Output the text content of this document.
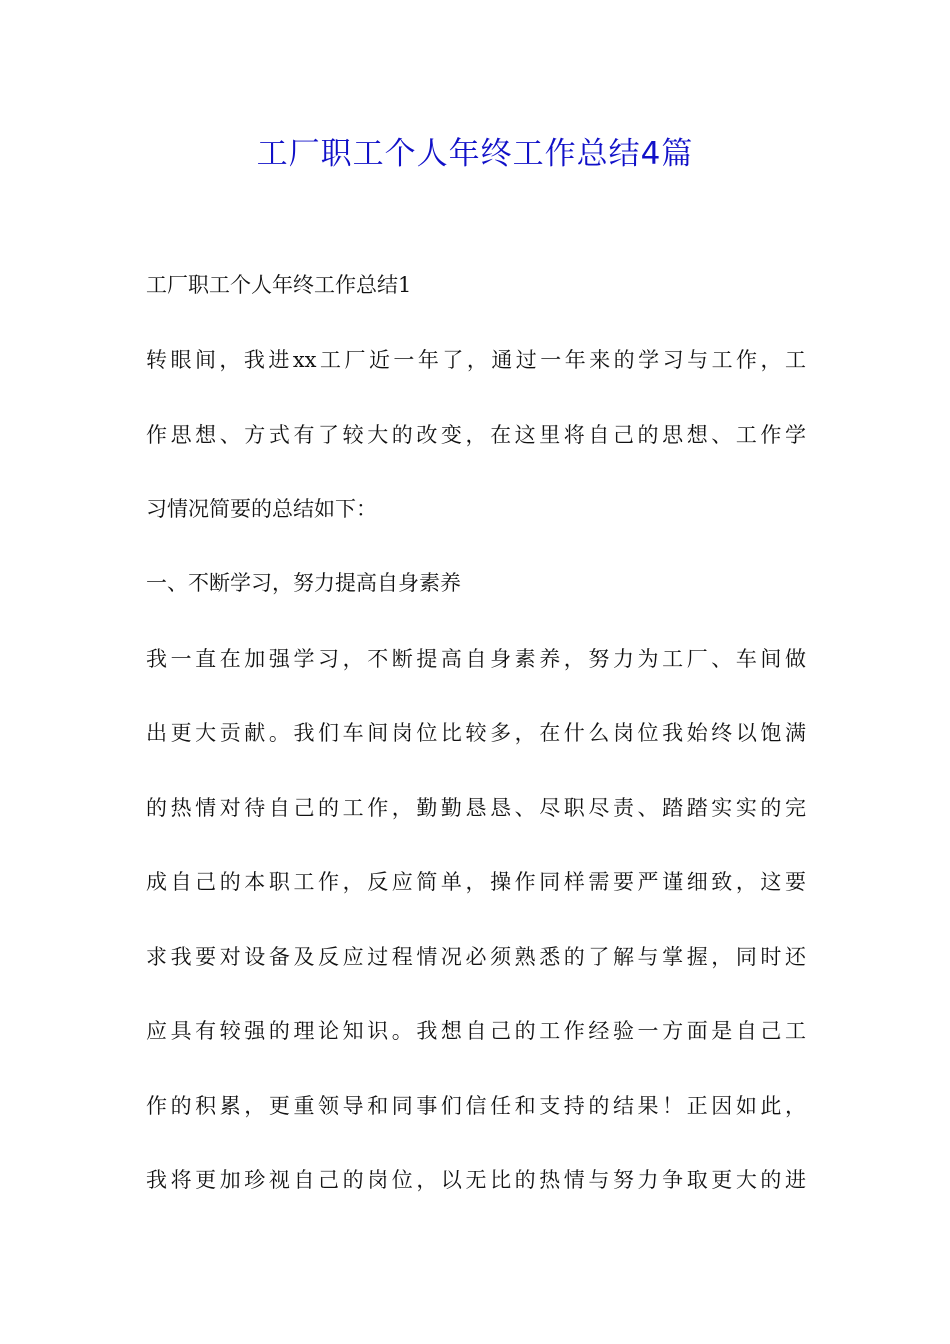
工厂职工个人年终工作总结4篇

工厂职工个人年终工作总结1

转眼间，我进xx工厂近一年了，通过一年来的学习与工作，工

作思想、方式有了较大的改变，在这里将自己的思想、工作学

习情况简要的总结如下：

一、不断学习，努力提高自身素养

我一直在加强学习，不断提高自身素养，努力为工厂、车间做

出更大贡献。我们车间岗位比较多，在什么岗位我始终以饱满

的热情对待自己的工作，勤勤恳恳、尽职尽责、踏踏实实的完

成自己的本职工作，反应简单，操作同样需要严谨细致，这要

求我要对设备及反应过程情况必须熟悉的了解与掌握，同时还

应具有较强的理论知识。我想自己的工作经验一方面是自己工

作的积累，更重领导和同事们信任和支持的结果！正因如此，

我将更加珍视自己的岗位，以无比的热情与努力争取更大的进
